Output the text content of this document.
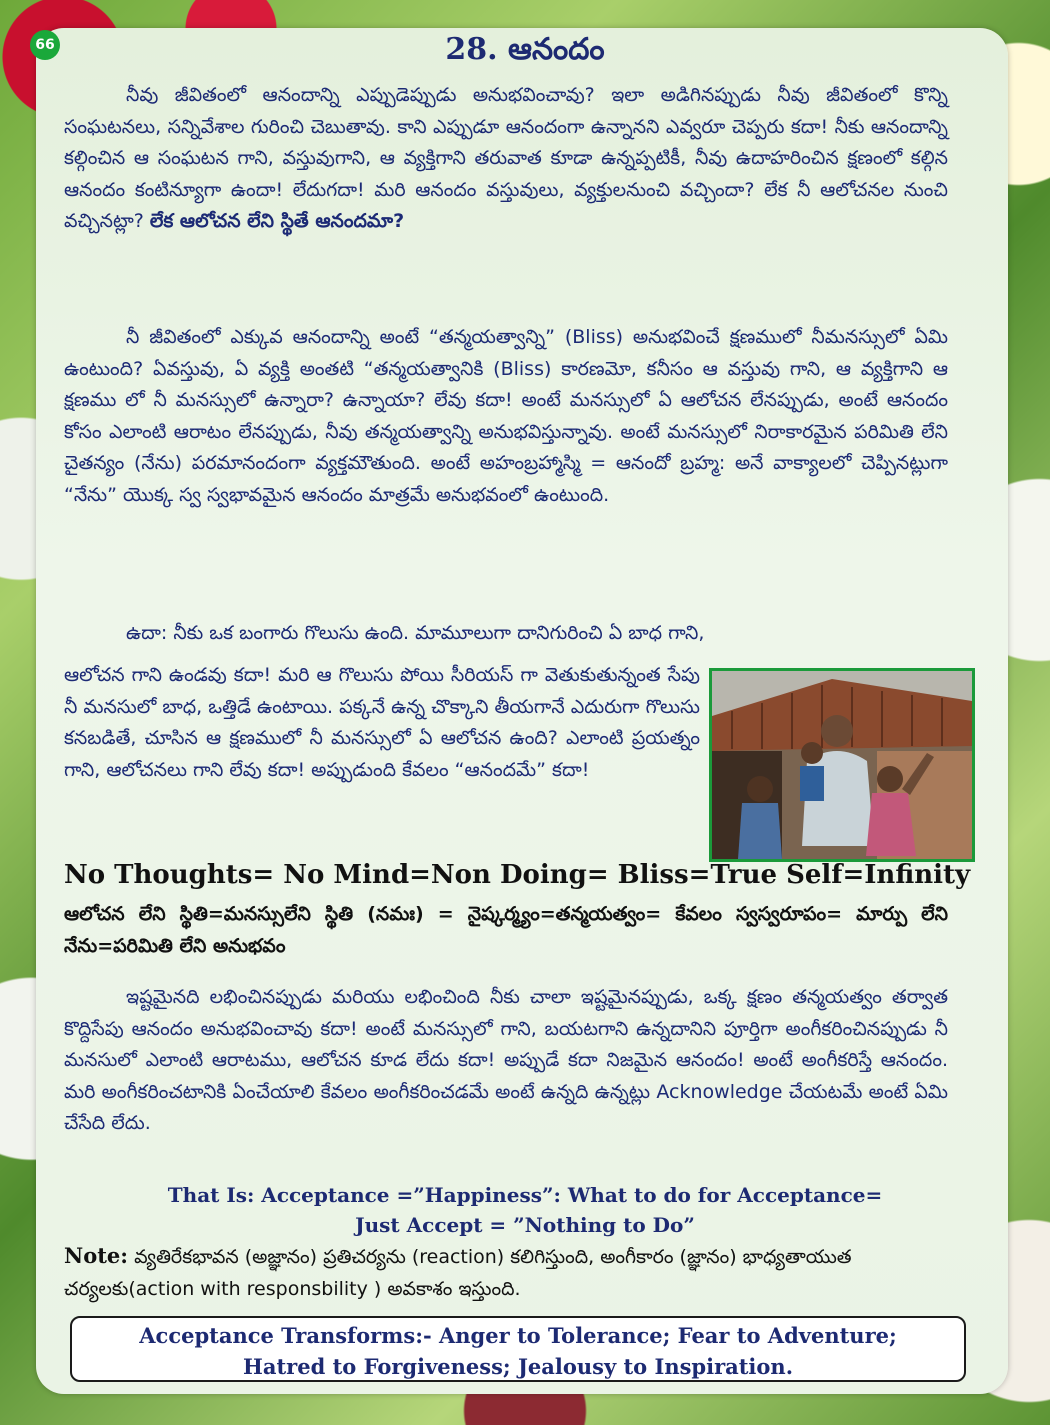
66	28. ఆనందం

నీవు జీవితంలో ఆనందాన్ని ఎప్పుడెప్పుడు అనుభవించావు? ఇలా అడిగినప్పుడు నీవు జీవితంలో కొన్ని సంఘటనలు, సన్నివేశాల గురించి చెబుతావు. కాని ఎప్పుడూ ఆనందంగా ఉన్నానని ఎవ్వరూ చెప్పరు కదా! నీకు ఆనందాన్ని కల్గించిన ఆ సంఘటన గాని, వస్తువుగాని, ఆ వ్యక్తిగాని తరువాత కూడా ఉన్నప్పటికీ, నీవు ఉదాహరించిన క్షణంలో కల్గిన ఆనందం కంటిన్యూగా ఉందా! లేదుగదా! మరి ఆనందం వస్తువులు, వ్యక్తులనుంచి వచ్చిందా? లేక నీ ఆలోచనల నుంచి వచ్చినట్లా? లేక ఆలోచన లేని స్థితే ఆనందమా?

నీ జీవితంలో ఎక్కువ ఆనందాన్ని అంటే “తన్మయత్వాన్ని” (Bliss) అనుభవించే క్షణములో నీమనస్సులో ఏమి ఉంటుంది? ఏవస్తువు, ఏ వ్యక్తి అంతటి “తన్మయత్వానికి (Bliss) కారణమో, కనీసం ఆ వస్తువు గాని, ఆ వ్యక్తిగాని ఆ క్షణము లో నీ మనస్సులో ఉన్నారా? ఉన్నాయా? లేవు కదా! అంటే మనస్సులో ఏ ఆలోచన లేనప్పుడు, అంటే ఆనందం కోసం ఎలాంటి ఆరాటం లేనప్పుడు, నీవు తన్మయత్వాన్ని అనుభవిస్తున్నావు. అంటే మనస్సులో నిరాకారమైన పరిమితి లేని చైతన్యం (నేను) పరమానందంగా వ్యక్తమౌతుంది. అంటే అహంబ్రహ్మాస్మి = ఆనందో బ్రహ్మ: అనే వాక్యాలలో చెప్పినట్లుగా “నేను” యొక్క స్వ స్వభావమైన ఆనందం మాత్రమే అనుభవంలో ఉంటుంది.

ఉదా: నీకు ఒక బంగారు గొలుసు ఉంది. మామూలుగా దానిగురించి ఏ బాధ గాని,

ఆలోచన గాని ఉండవు కదా! మరి ఆ గొలుసు పోయి సీరియస్ గా వెతుకుతున్నంత సేపు నీ మనసులో బాధ, ఒత్తిడే ఉంటాయి. పక్కనే ఉన్న చొక్కాని తీయగానే ఎదురుగా గొలుసు కనబడితే, చూసిన ఆ క్షణములో నీ మనస్సులో ఏ ఆలోచన ఉంది? ఎలాంటి ప్రయత్నం గాని, ఆలోచనలు గాని లేవు కదా! అప్పుడుంది కేవలం “ఆనందమే” కదా!

No Thoughts= No Mind=Non Doing= Bliss=True Self=Infinity
ఆలోచన లేని స్థితి=మనస్సులేని స్థితి (నమః) = నైష్కర్మ్యం=తన్మయత్వం= కేవలం స్వస్వరూపం= మార్పు లేని నేను=పరిమితి లేని అనుభవం

ఇష్టమైనది లభించినప్పుడు మరియు లభించింది నీకు చాలా ఇష్టమైనప్పుడు, ఒక్క క్షణం తన్మయత్వం తర్వాత కొద్దిసేపు ఆనందం అనుభవించావు కదా! అంటే మనస్సులో గాని, బయటగాని ఉన్నదానిని పూర్తిగా అంగీకరించినప్పుడు నీ మనసులో ఎలాంటి ఆరాటము, ఆలోచన కూడ లేదు కదా! అప్పుడే కదా నిజమైన ఆనందం! అంటే అంగీకరిస్తే ఆనందం. మరి అంగీకరించటానికి ఏంచేయాలి కేవలం అంగీకరించడమే అంటే ఉన్నది ఉన్నట్లు Acknowledge చేయటమే అంటే ఏమి చేసేది లేదు.

That Is: Acceptance =”Happiness”: What to do for Acceptance=
Just Accept = ”Nothing to Do”
Note: వ్యతిరేకభావన (అజ్ఞానం) ప్రతిచర్యను (reaction) కలిగిస్తుంది, అంగీకారం (జ్ఞానం) భాధ్యతాయుత చర్యలకు(action with responsbility ) అవకాశం ఇస్తుంది.
Acceptance Transforms:- Anger to Tolerance; Fear to Adventure;
Hatred to Forgiveness; Jealousy to Inspiration.
